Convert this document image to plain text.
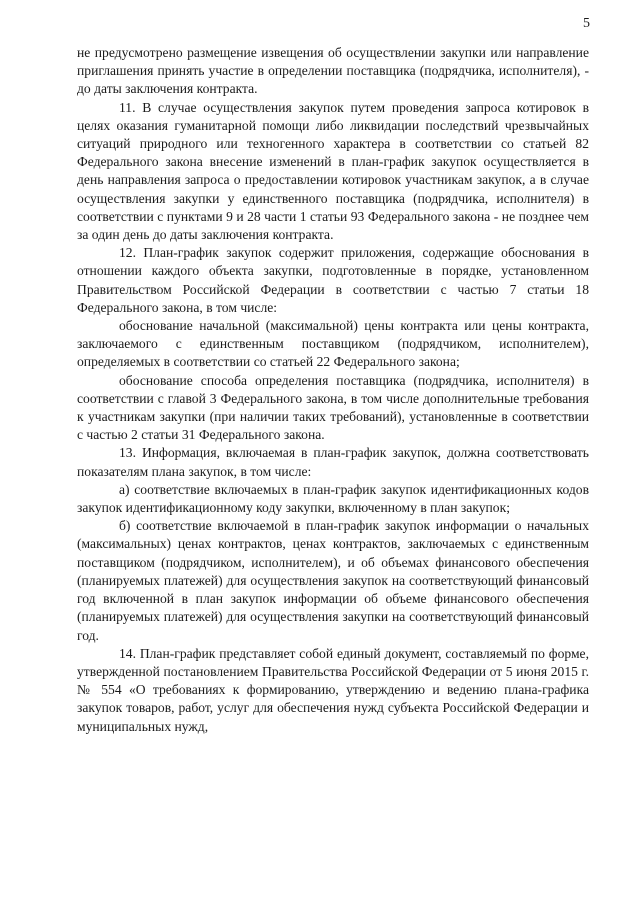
5

не предусмотрено размещение извещения об осуществлении закупки или направление приглашения принять участие в определении поставщика (подрядчика, исполнителя), - до даты заключения контракта.

11. В случае осуществления закупок путем проведения запроса котировок в целях оказания гуманитарной помощи либо ликвидации последствий чрезвычайных ситуаций природного или техногенного характера в соответствии со статьей 82 Федерального закона внесение изменений в план-график закупок осуществляется в день направления запроса о предоставлении котировок участникам закупок, а в случае осуществления закупки у единственного поставщика (подрядчика, исполнителя) в соответствии с пунктами 9 и 28 части 1 статьи 93 Федерального закона - не позднее чем за один день до даты заключения контракта.

12. План-график закупок содержит приложения, содержащие обоснования в отношении каждого объекта закупки, подготовленные в порядке, установленном Правительством Российской Федерации в соответствии с частью 7 статьи 18 Федерального закона, в том числе:

обоснование начальной (максимальной) цены контракта или цены контракта, заключаемого с единственным поставщиком (подрядчиком, исполнителем), определяемых в соответствии со статьей 22 Федерального закона;

обоснование способа определения поставщика (подрядчика, исполнителя) в соответствии с главой 3 Федерального закона, в том числе дополнительные требования к участникам закупки (при наличии таких требований), установленные в соответствии с частью 2 статьи 31 Федерального закона.

13. Информация, включаемая в план-график закупок, должна соответствовать показателям плана закупок, в том числе:

а) соответствие включаемых в план-график закупок идентификационных кодов закупок идентификационному коду закупки, включенному в план закупок;

б) соответствие включаемой в план-график закупок информации о начальных (максимальных) ценах контрактов, ценах контрактов, заключаемых с единственным поставщиком (подрядчиком, исполнителем), и об объемах финансового обеспечения (планируемых платежей) для осуществления закупок на соответствующий финансовый год включенной в план закупок информации об объеме финансового обеспечения (планируемых платежей) для осуществления закупки на соответствующий финансовый год.

14. План-график представляет собой единый документ, составляемый по форме, утвержденной постановлением Правительства Российской Федерации от 5 июня 2015 г. № 554 «О требованиях к формированию, утверждению и ведению плана-графика закупок товаров, работ, услуг для обеспечения нужд субъекта Российской Федерации и муниципальных нужд,
